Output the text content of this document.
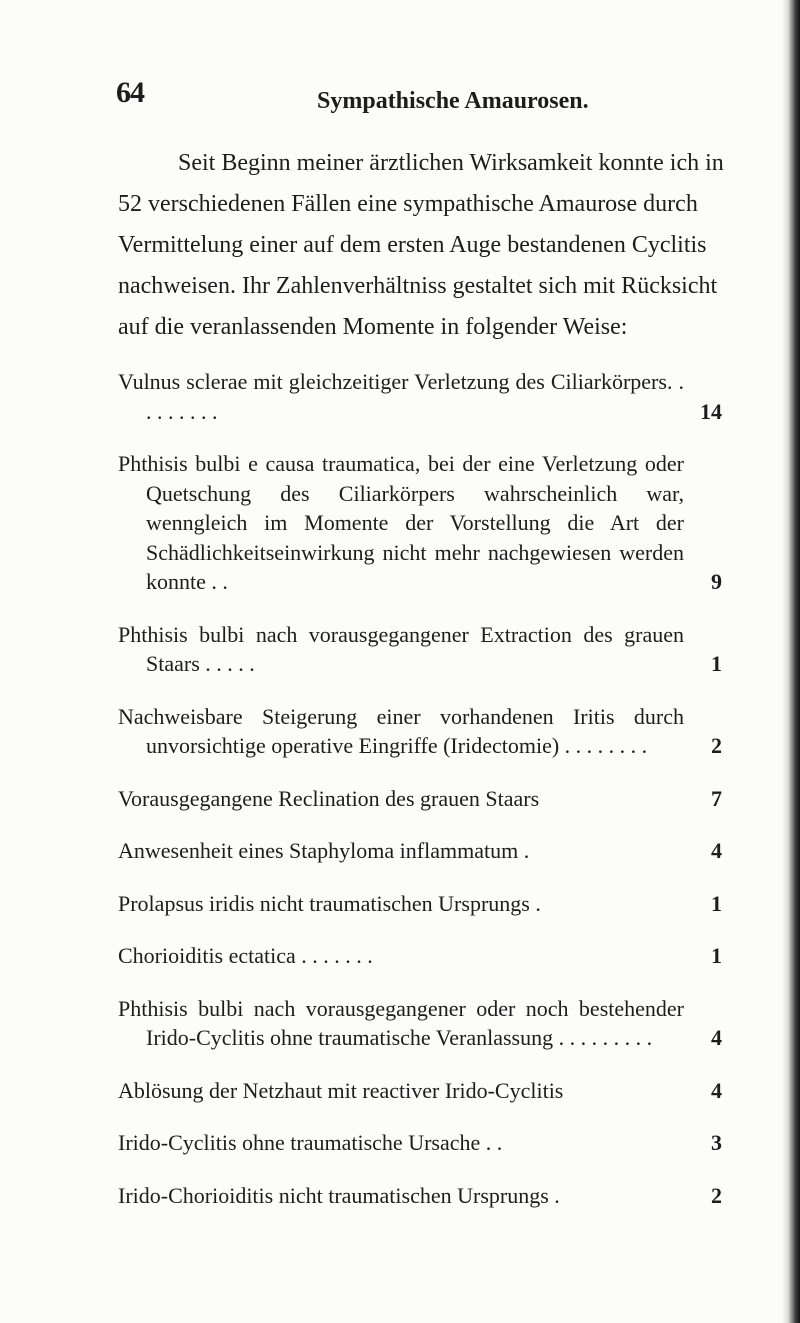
64	Sympathische Amaurosen.

Seit Beginn meiner ärztlichen Wirksamkeit konnte ich in 52 verschiedenen Fällen eine sympathische Amaurose durch Vermittelung einer auf dem ersten Auge bestandenen Cyclitis nachweisen. Ihr Zahlenverhältniss gestaltet sich mit Rücksicht auf die veranlassenden Momente in folgender Weise:

Vulnus sclerae mit gleichzeitiger Verletzung des Ciliarkörpers. . . . . . . . .	14
Phthisis bulbi e causa traumatica, bei der eine Verletzung oder Quetschung des Ciliarkörpers wahrscheinlich war, wenngleich im Momente der Vorstellung die Art der Schädlichkeitseinwirkung nicht mehr nachgewiesen werden konnte . .	9
Phthisis bulbi nach vorausgegangener Extraction des grauen Staars . . . . .	1
Nachweisbare Steigerung einer vorhandenen Iritis durch unvorsichtige operative Eingriffe (Iridectomie) . . . . . . . .	2
Vorausgegangene Reclination des grauen Staars	7
Anwesenheit eines Staphyloma inflammatum .	4
Prolapsus iridis nicht traumatischen Ursprungs .	1
Chorioiditis ectatica . . . . . . .	1
Phthisis bulbi nach vorausgegangener oder noch bestehender Irido-Cyclitis ohne traumatische Veranlassung . . . . . . . . .	4
Ablösung der Netzhaut mit reactiver Irido-Cyclitis	4
Irido-Cyclitis ohne traumatische Ursache . .	3
Irido-Chorioiditis nicht traumatischen Ursprungs .	2
